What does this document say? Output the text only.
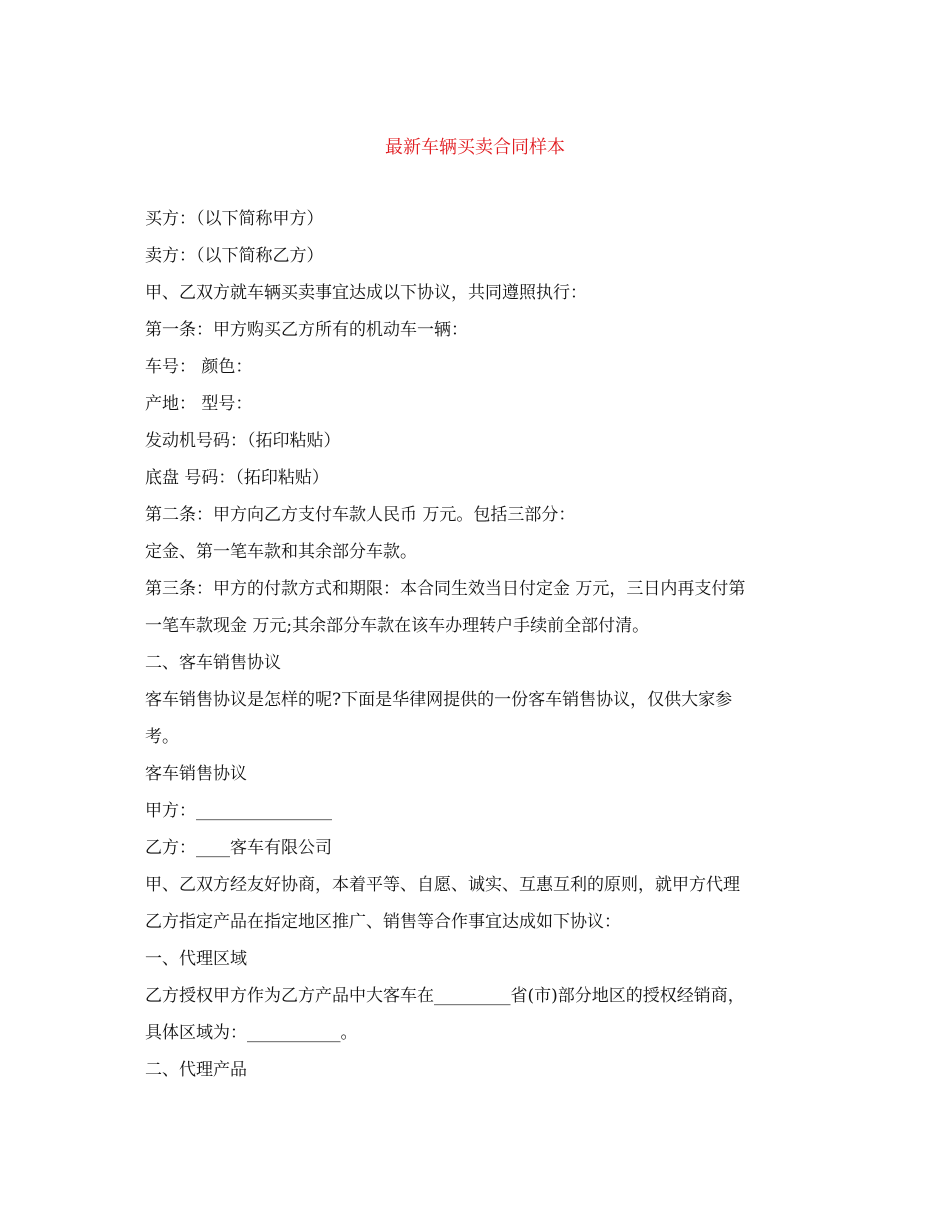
最新车辆买卖合同样本

买方：（以下简称甲方）

卖方：（以下简称乙方）

甲、乙双方就车辆买卖事宜达成以下协议，共同遵照执行：

第一条：甲方购买乙方所有的机动车一辆：

车号： 颜色：

产地： 型号：

发动机号码：（拓印粘贴）

底盘 号码：（拓印粘贴）

第二条：甲方向乙方支付车款人民币 万元。包括三部分：

定金、第一笔车款和其余部分车款。

第三条：甲方的付款方式和期限：本合同生效当日付定金 万元，三日内再支付第

一笔车款现金 万元;其余部分车款在该车办理转户手续前全部付清。

二、客车销售协议

客车销售协议是怎样的呢?下面是华律网提供的一份客车销售协议，仅供大家参

考。

客车销售协议

甲方：________________

乙方：____客车有限公司

甲、乙双方经友好协商，本着平等、自愿、诚实、互惠互利的原则，就甲方代理

乙方指定产品在指定地区推广、销售等合作事宜达成如下协议：

一、代理区域

乙方授权甲方作为乙方产品中大客车在_________省(市)部分地区的授权经销商，

具体区域为：___________。

二、代理产品
